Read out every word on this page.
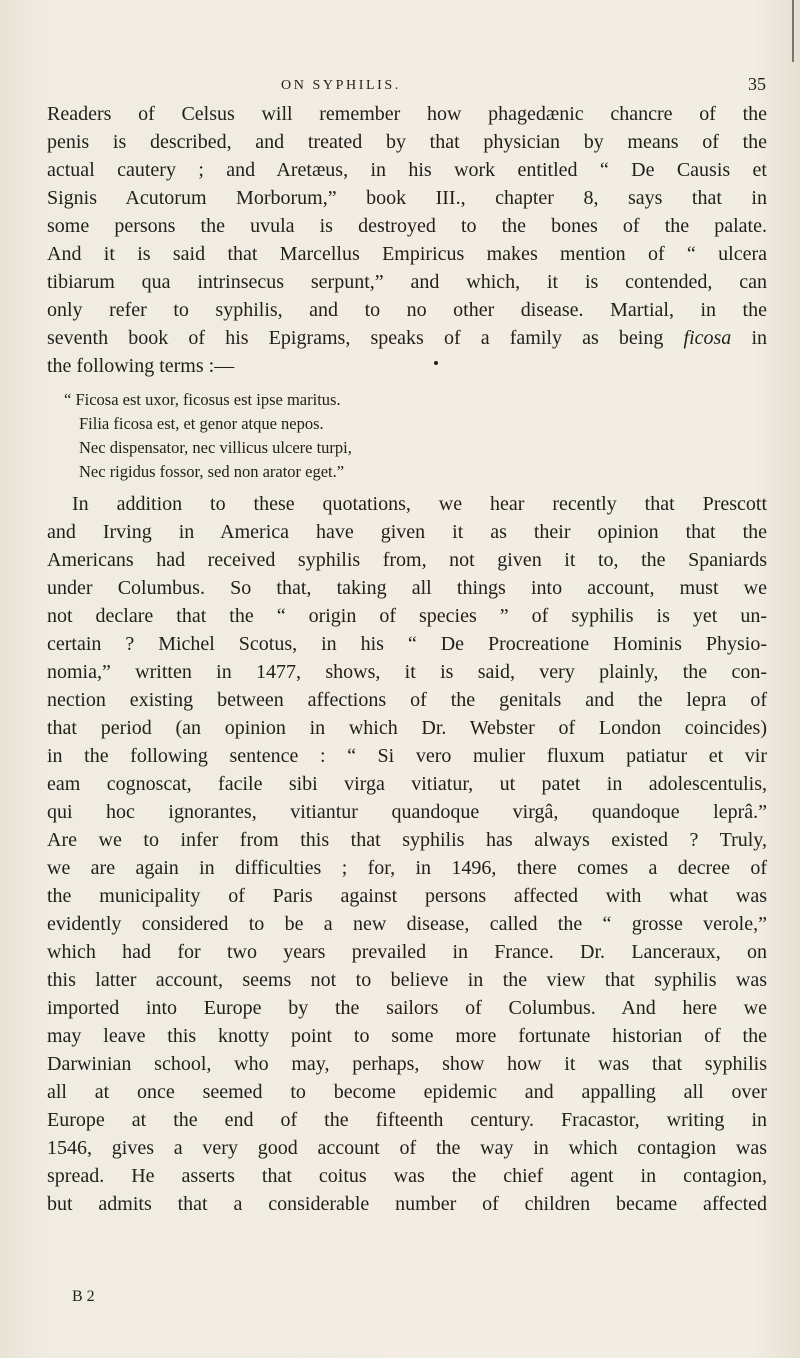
ON SYPHILIS.	35
Readers of Celsus will remember how phagedænic chancre of the
penis is described, and treated by that physician by means of the
actual cautery ; and Aretæus, in his work entitled “ De Causis et
Signis Acutorum Morborum,” book III., chapter 8, says that in
some persons the uvula is destroyed to the bones of the palate.
And it is said that Marcellus Empiricus makes mention of “ ulcera
tibiarum qua intrinsecus serpunt,” and which, it is contended, can
only refer to syphilis, and to no other disease. Martial, in the
seventh book of his Epigrams, speaks of a family as being ficosa in
the following terms :—
“ Ficosa est uxor, ficosus est ipse maritus.
Filia ficosa est, et genor atque nepos.
Nec dispensator, nec villicus ulcere turpi,
Nec rigidus fossor, sed non arator eget.”
In addition to these quotations, we hear recently that Prescott
and Irving in America have given it as their opinion that the
Americans had received syphilis from, not given it to, the Spaniards
under Columbus. So that, taking all things into account, must we
not declare that the “ origin of species ” of syphilis is yet un-
certain ? Michel Scotus, in his “ De Procreatione Hominis Physio-
nomia,” written in 1477, shows, it is said, very plainly, the con-
nection existing between affections of the genitals and the lepra of
that period (an opinion in which Dr. Webster of London coincides)
in the following sentence : “ Si vero mulier fluxum patiatur et vir
eam cognoscat, facile sibi virga vitiatur, ut patet in adolescentulis,
qui hoc ignorantes, vitiantur quandoque virgâ, quandoque leprâ.”
Are we to infer from this that syphilis has always existed ? Truly,
we are again in difficulties ; for, in 1496, there comes a decree of
the municipality of Paris against persons affected with what was
evidently considered to be a new disease, called the “ grosse verole,”
which had for two years prevailed in France. Dr. Lanceraux, on
this latter account, seems not to believe in the view that syphilis was
imported into Europe by the sailors of Columbus. And here we
may leave this knotty point to some more fortunate historian of the
Darwinian school, who may, perhaps, show how it was that syphilis
all at once seemed to become epidemic and appalling all over
Europe at the end of the fifteenth century. Fracastor, writing in
1546, gives a very good account of the way in which contagion was
spread. He asserts that coitus was the chief agent in contagion,
but admits that a considerable number of children became affected
B 2
